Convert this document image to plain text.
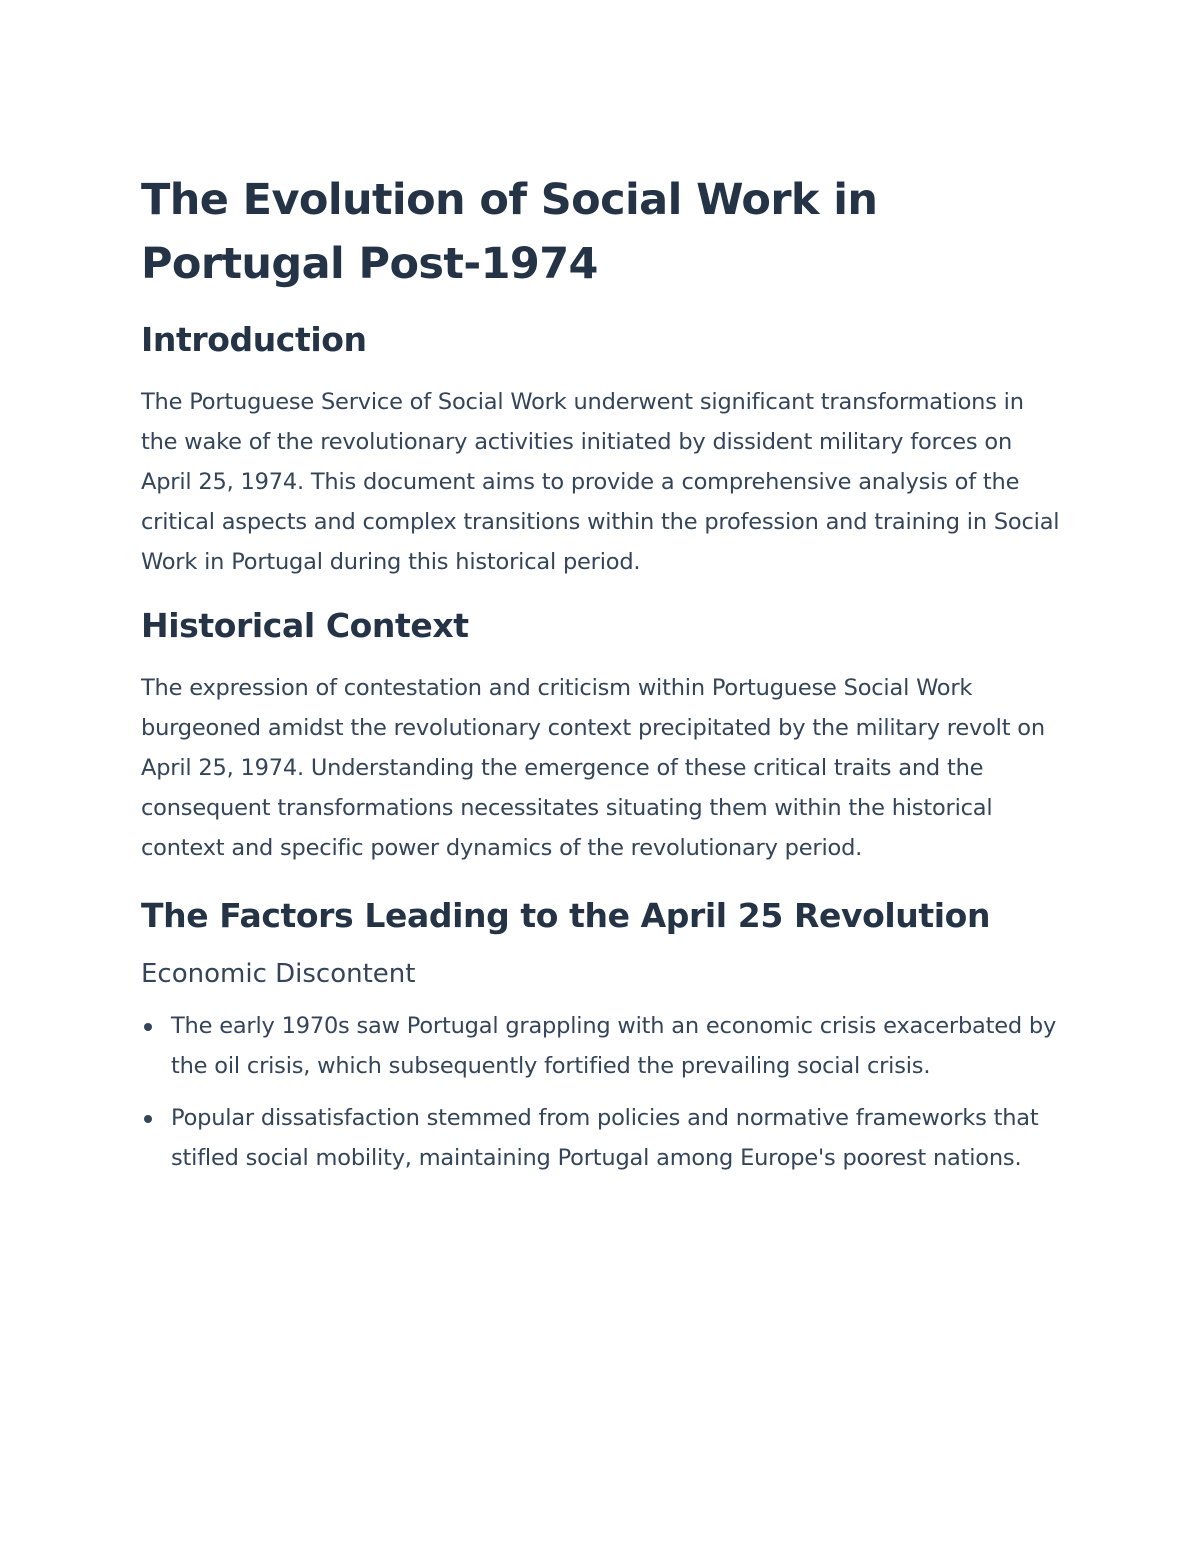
The Evolution of Social Work in Portugal Post-1974
Introduction

The Portuguese Service of Social Work underwent significant transformations in the wake of the revolutionary activities initiated by dissident military forces on April 25, 1974. This document aims to provide a comprehensive analysis of the critical aspects and complex transitions within the profession and training in Social Work in Portugal during this historical period.

Historical Context

The expression of contestation and criticism within Portuguese Social Work burgeoned amidst the revolutionary context precipitated by the military revolt on April 25, 1974. Understanding the emergence of these critical traits and the consequent transformations necessitates situating them within the historical context and specific power dynamics of the revolutionary period.

The Factors Leading to the April 25 Revolution
Economic Discontent
The early 1970s saw Portugal grappling with an economic crisis exacerbated by the oil crisis, which subsequently fortified the prevailing social crisis.
Popular dissatisfaction stemmed from policies and normative frameworks that stifled social mobility, maintaining Portugal among Europe's poorest nations.
